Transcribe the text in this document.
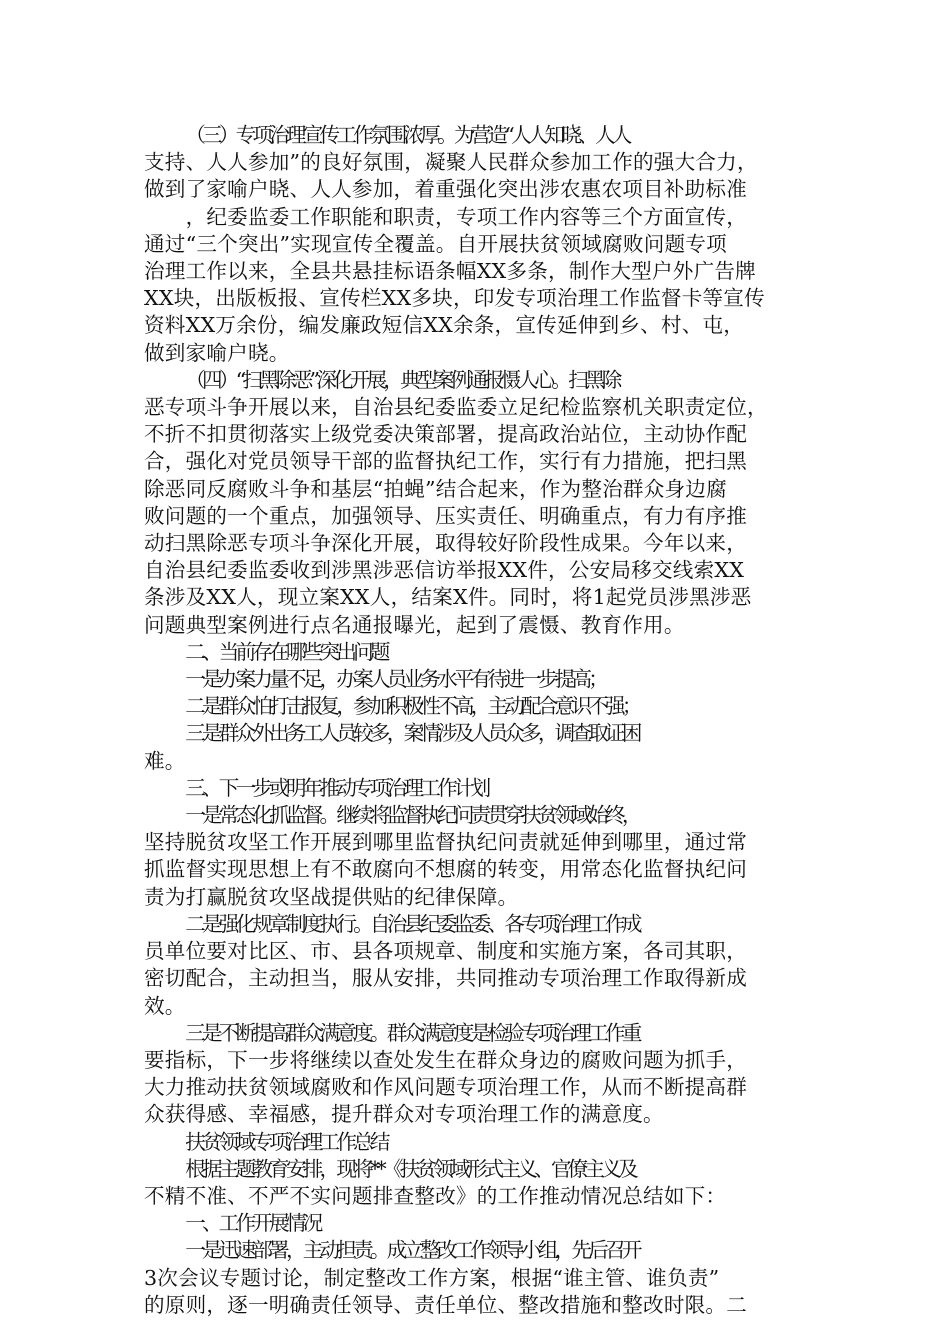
（三）专项治理宣传工作氛围浓厚。为营造“人人知晓、人人
支持、人人参加”的良好氛围，凝聚人民群众参加工作的强大合力，
做到了家喻户晓、人人参加，着重强化突出涉农惠农项目补助标准
　　，纪委监委工作职能和职责，专项工作内容等三个方面宣传，
通过“三个突出”实现宣传全覆盖。自开展扶贫领域腐败问题专项
治理工作以来，全县共悬挂标语条幅XX多条，制作大型户外广告牌
XX块，出版板报、宣传栏XX多块，印发专项治理工作监督卡等宣传
资料XX万余份，编发廉政短信XX余条，宣传延伸到乡、村、屯，
做到家喻户晓。
（四）“扫黑除恶”深化开展，典型案例通报慑人心。扫黑除
恶专项斗争开展以来，自治县纪委监委立足纪检监察机关职责定位，
不折不扣贯彻落实上级党委决策部署，提高政治站位，主动协作配
合，强化对党员领导干部的监督执纪工作，实行有力措施，把扫黑
除恶同反腐败斗争和基层“拍蝇”结合起来，作为整治群众身边腐
败问题的一个重点，加强领导、压实责任、明确重点，有力有序推
动扫黑除恶专项斗争深化开展，取得较好阶段性成果。今年以来，
自治县纪委监委收到涉黑涉恶信访举报XX件，公安局移交线索XX
条涉及XX人，现立案XX人，结案X件。同时，将1起党员涉黑涉恶
问题典型案例进行点名通报曝光，起到了震慑、教育作用。
二、当前存在哪些突出问题
一是办案力量不足，办案人员业务水平有待进一步提高；
二是群众怕打击报复，参加积极性不高，主动配合意识不强；
三是群众外出务工人员较多，案情涉及人员众多，调查取证困
难。
三、下一步或明年推动专项治理工作计划
一是常态化抓监督。继续将监督执纪问责贯穿扶贫领域始终，
坚持脱贫攻坚工作开展到哪里监督执纪问责就延伸到哪里，通过常
抓监督实现思想上有不敢腐向不想腐的转变，用常态化监督执纪问
责为打赢脱贫攻坚战提供贴的纪律保障。
二是强化规章制度执行。自治县纪委监委、各专项治理工作成
员单位要对比区、市、县各项规章、制度和实施方案，各司其职，
密切配合，主动担当，服从安排，共同推动专项治理工作取得新成
效。
三是不断提高群众满意度。群众满意度是检验专项治理工作重
要指标，下一步将继续以查处发生在群众身边的腐败问题为抓手，
大力推动扶贫领域腐败和作风问题专项治理工作，从而不断提高群
众获得感、幸福感，提升群众对专项治理工作的满意度。
扶贫领域专项治理工作总结
根据主题教育安排，现将**《扶贫领域形式主义、官僚主义及
不精不准、不严不实问题排查整改》的工作推动情况总结如下：
一、工作开展情况
一是迅速部署，主动担责。成立整改工作领导小组，先后召开
3次会议专题讨论，制定整改工作方案，根据“谁主管、谁负责”
的原则，逐一明确责任领导、责任单位、整改措施和整改时限。二
